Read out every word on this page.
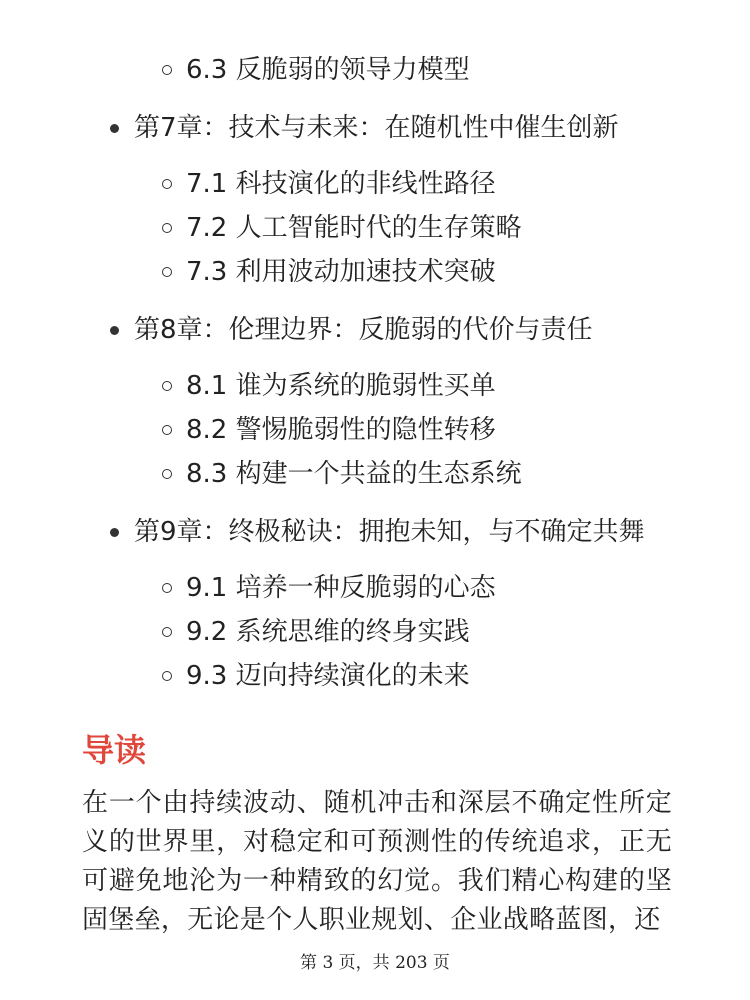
6.3 反脆弱的领导力模型
第7章：技术与未来：在随机性中催生创新
7.1 科技演化的非线性路径
7.2 人工智能时代的生存策略
7.3 利用波动加速技术突破
第8章：伦理边界：反脆弱的代价与责任
8.1 谁为系统的脆弱性买单
8.2 警惕脆弱性的隐性转移
8.3 构建一个共益的生态系统
第9章：终极秘诀：拥抱未知，与不确定共舞
9.1 培养一种反脆弱的心态
9.2 系统思维的终身实践
9.3 迈向持续演化的未来
导读

在一个由持续波动、随机冲击和深层不确定性所定义的世界里，对稳定和可预测性的传统追求，正无可避免地沦为一种精致的幻觉。我们精心构建的坚固堡垒，无论是个人职业规划、企业战略蓝图，还

第 3 页，共 203 页
